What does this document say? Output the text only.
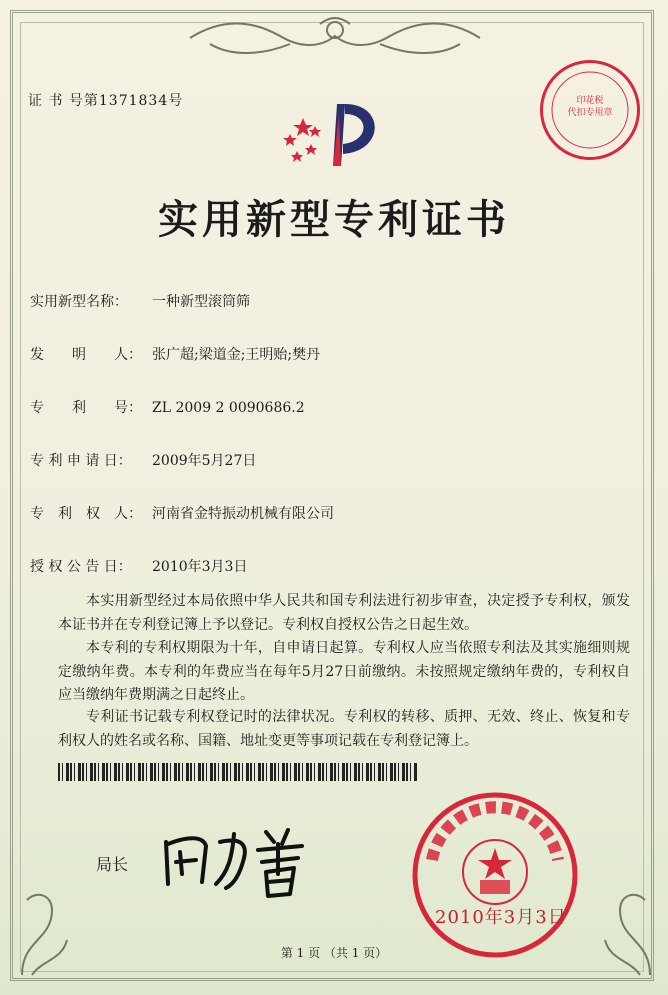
证 书 号第1371834号	印花税
代扣专用章
实用新型专利证书
实用新型名称： 一种新型滚筒筛
发　　明　　人： 张广超;梁道金;王明贻;樊丹
专　　利　　号： ZL 2009 2 0090686.2
专 利 申 请 日： 2009年5月27日
专　利　权　人： 河南省金特振动机械有限公司
授 权 公 告 日： 2010年3月3日
本实用新型经过本局依照中华人民共和国专利法进行初步审查，决定授予专利权，颁发本证书并在专利登记簿上予以登记。专利权自授权公告之日起生效。
本专利的专利权期限为十年，自申请日起算。专利权人应当依照专利法及其实施细则规定缴纳年费。本专利的年费应当在每年5月27日前缴纳。未按照规定缴纳年费的，专利权自应当缴纳年费期满之日起终止。
专利证书记载专利权登记时的法律状况。专利权的转移、质押、无效、终止、恢复和专利权人的姓名或名称、国籍、地址变更等事项记载在专利登记簿上。
局长
2010年3月3日
第 1 页 （共 1 页）
